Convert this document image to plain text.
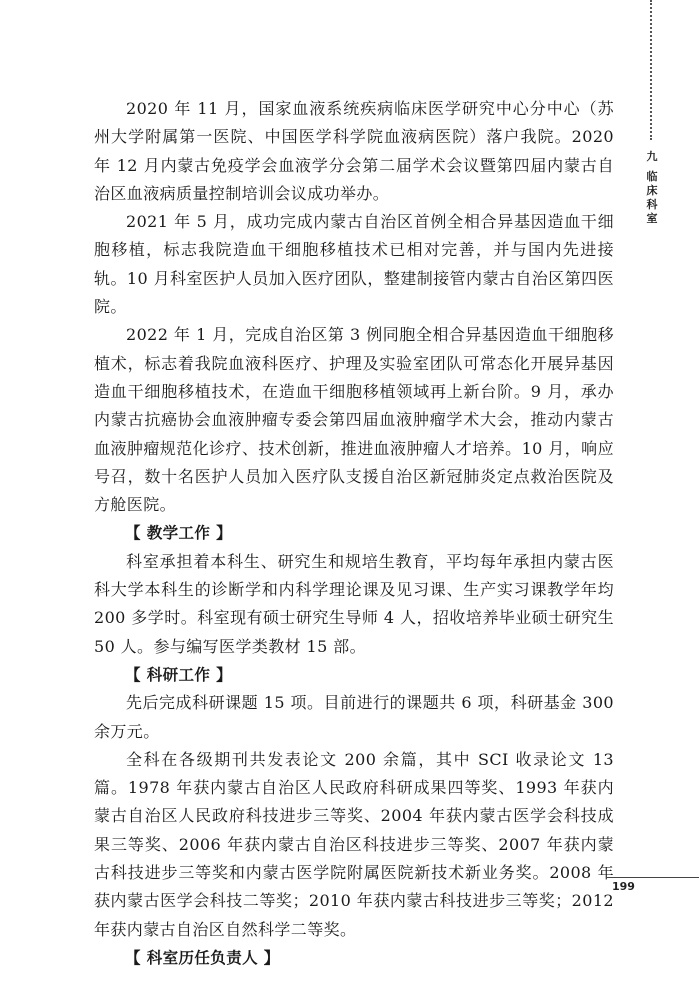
九
临床科室

2020 年 11 月，国家血液系统疾病临床医学研究中心分中心（苏州大学附属第一医院、中国医学科学院血液病医院）落户我院。2020 年 12 月内蒙古免疫学会血液学分会第二届学术会议暨第四届内蒙古自治区血液病质量控制培训会议成功举办。

2021 年 5 月，成功完成内蒙古自治区首例全相合异基因造血干细胞移植，标志我院造血干细胞移植技术已相对完善，并与国内先进接轨。10 月科室医护人员加入医疗团队，整建制接管内蒙古自治区第四医院。

2022 年 1 月，完成自治区第 3 例同胞全相合异基因造血干细胞移植术，标志着我院血液科医疗、护理及实验室团队可常态化开展异基因造血干细胞移植技术，在造血干细胞移植领域再上新台阶。9 月，承办内蒙古抗癌协会血液肿瘤专委会第四届血液肿瘤学术大会，推动内蒙古血液肿瘤规范化诊疗、技术创新，推进血液肿瘤人才培养。10 月，响应号召，数十名医护人员加入医疗队支援自治区新冠肺炎定点救治医院及方舱医院。

【 教学工作 】

科室承担着本科生、研究生和规培生教育，平均每年承担内蒙古医科大学本科生的诊断学和内科学理论课及见习课、生产实习课教学年均 200 多学时。科室现有硕士研究生导师 4 人，招收培养毕业硕士研究生 50 人。参与编写医学类教材 15 部。

【 科研工作 】

先后完成科研课题 15 项。目前进行的课题共 6 项，科研基金 300 余万元。

全科在各级期刊共发表论文 200 余篇，其中 SCI 收录论文 13 篇。1978 年获内蒙古自治区人民政府科研成果四等奖、1993 年获内蒙古自治区人民政府科技进步三等奖、2004 年获内蒙古医学会科技成果三等奖、2006 年获内蒙古自治区科技进步三等奖、2007 年获内蒙古科技进步三等奖和内蒙古医学院附属医院新技术新业务奖。2008 年获内蒙古医学会科技二等奖；2010 年获内蒙古科技进步三等奖；2012 年获内蒙古自治区自然科学二等奖。

【 科室历任负责人 】

199
